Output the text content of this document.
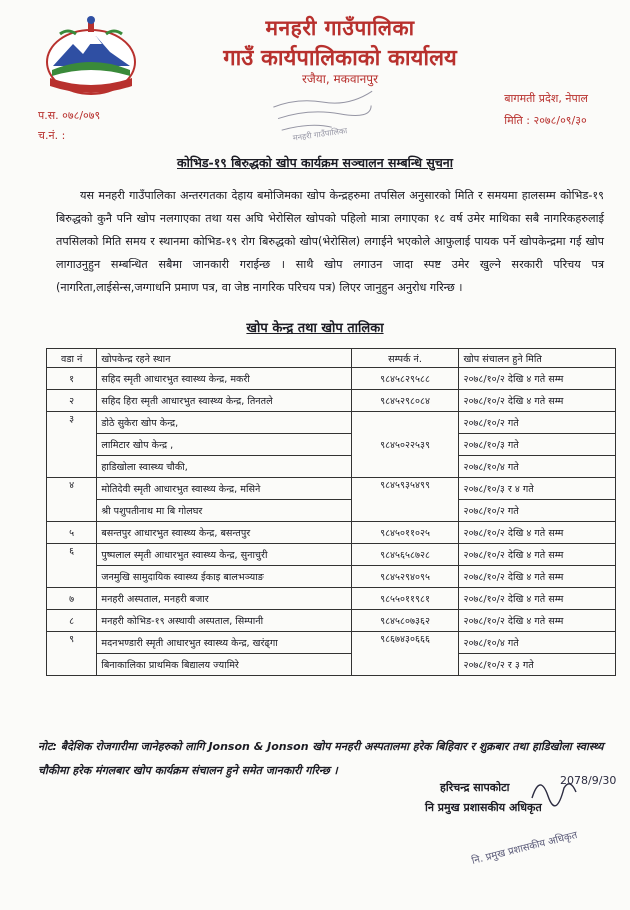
मनहरी गाउँपालिका
गाउँ कार्यपालिकाको कार्यालय
रजैया, मकवानपुर
प.स. ०७८/०७९
च.नं. :	मनहरी गाउँपालिका
बागमती प्रदेश, नेपाल
मिति : २०७८/०९/३०
कोभिड-१९ बिरुद्धको खोप कार्यक्रम सञ्चालन सम्बन्धि सुचना
यस मनहरी गाउँपालिका अन्तरगतका देहाय बमोजिमका खोप केन्द्रहरुमा तपसिल अनुसारको मिति र समयमा हालसम्म कोभिड-१९ बिरुद्धको कुनै पनि खोप नलगाएका तथा यस अघि भेरोसिल खोपको पहिलो मात्रा लगाएका १८ वर्ष उमेर माथिका सबै नागरिकहरुलाई तपसिलको मिति समय र स्थानमा कोभिड-१९ रोग बिरुद्धको खोप(भेरोसिल) लगाईने भएकोले आफुलाई पायक पर्ने खोपकेन्द्रमा गई खोप लागाउनुहुन सम्बन्धित सबैमा जानकारी गराईन्छ । साथै खोप लगाउन जादा स्पष्ट उमेर खुल्ने सरकारी परिचय पत्र (नागरिता,लाईसेन्स,जग्गाधनि प्रमाण पत्र, वा जेष्ठ नागरिक परिचय पत्र) लिएर जानुहुन अनुरोध गरिन्छ ।
खोप केन्द्र तथा खोप तालिका
वडा नं	खोपकेन्द्र रहने स्थान	सम्पर्क नं.	खोप संचालन हुने मिति
१	सहिद स्मृती आधारभुत स्वास्थ्य केन्द्र, मकरी	९८४५८२९५८८	२०७८/१०/२ देखि ४ गते सम्म
२	सहिद हिरा स्मृती आधारभुत स्वास्थ्य केन्द्र, तिनतले	९८४५२९८०८४	२०७८/१०/२ देखि ४ गते सम्म
३	डोठे सुकेरा खोप केन्द्र,	९८४५०२२५३९	२०७८/१०/२ गते
	लामिटार खोप केन्द्र ,		२०७८/१०/३ गते
	हाडिखोला स्वास्थ्य चौकी,		२०७८/१०/४ गते
४	मोतिदेवी स्मृती आधारभुत स्वास्थ्य केन्द्र, मसिने	९८४५९३५४९९	२०७८/१०/३ र ४ गते
	श्री पशुपतीनाथ मा बि गोलघर		२०७८/१०/२ गते
५	बसन्तपुर आधारभुत स्वास्थ्य केन्द्र, बसन्तपुर	९८४५०११०२५	२०७८/१०/२ देखि ४ गते सम्म
६	पुष्पलाल स्मृती आधारभुत स्वास्थ्य केन्द्र, सुनाचुरी	९८४५६५८७२८	२०७८/१०/२ देखि ४ गते सम्म
	जनमुखि सामुदायिक स्वास्थ्य ईकाइ बालभञ्याङ	९८४५२९४०९५	२०७८/१०/२ देखि ४ गते सम्म
७	मनहरी अस्पताल, मनहरी बजार	९८५५०११९८१	२०७८/१०/२ देखि ४ गते सम्म
८	मनहरी कोभिड-१९ अस्थायी अस्पताल, सिम्पानी	९८४५८०७३६२	२०७८/१०/२ देखि ४ गते सम्म
९	मदनभण्डारी स्मृती आधारभुत स्वास्थ्य केन्द्र, खरंढ्गा	९८६७४३०६६६	२०७८/१०/४ गते
	बिनाकालिका प्राथमिक बिद्यालय ज्यामिरे		२०७८/१०/२ र ३ गते
नोट: बैदेशिक रोजगारीमा जानेहरुको लागि Jonson & Jonson खोप मनहरी अस्पतालमा हरेक बिहिवार र शुक्रबार तथा हाडिखोला स्वास्थ्य चौकीमा हरेक मंगलबार खोप कार्यक्रम संचालन हुने समेत जानकारी गरिन्छ ।
हरिचन्द्र सापकोटा
नि प्रमुख प्रशासकीय अधिकृत
2078/9/30
नि. प्रमुख प्रशासकीय अधिकृत
